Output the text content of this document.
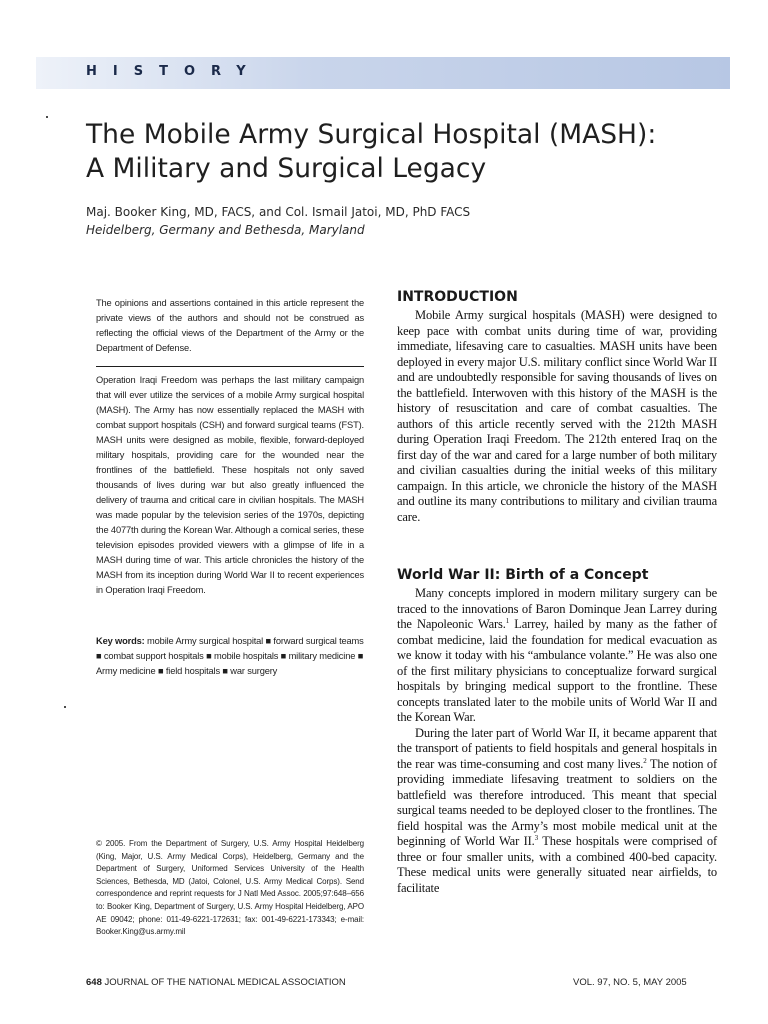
HISTORY
The Mobile Army Surgical Hospital (MASH):
A Military and Surgical Legacy
Maj. Booker King, MD, FACS, and Col. Ismail Jatoi, MD, PhD FACS
Heidelberg, Germany and Bethesda, Maryland
The opinions and assertions contained in this article represent the private views of the authors and should not be construed as reflecting the official views of the Department of the Army or the Department of Defense.
Operation Iraqi Freedom was perhaps the last military campaign that will ever utilize the services of a mobile Army surgical hospital (MASH). The Army has now essentially replaced the MASH with combat support hospitals (CSH) and forward surgical teams (FST). MASH units were designed as mobile, flexible, forward-deployed military hospitals, providing care for the wounded near the frontlines of the battlefield. These hospitals not only saved thousands of lives during war but also greatly influenced the delivery of trauma and critical care in civilian hospitals. The MASH was made popular by the television series of the 1970s, depicting the 4077th during the Korean War. Although a comical series, these television episodes provided viewers with a glimpse of life in a MASH during time of war. This article chronicles the history of the MASH from its inception during World War II to recent experiences in Operation Iraqi Freedom.
Key words: mobile Army surgical hospital ■ forward surgical teams ■ combat support hospitals ■ mobile hospitals ■ military medicine ■ Army medicine ■ field hospitals ■ war surgery
© 2005. From the Department of Surgery, U.S. Army Hospital Heidelberg (King, Major, U.S. Army Medical Corps), Heidelberg, Germany and the Department of Surgery, Uniformed Services University of the Health Sciences, Bethesda, MD (Jatoi, Colonel, U.S. Army Medical Corps). Send correspondence and reprint requests for J Natl Med Assoc. 2005;97:648–656 to: Booker King, Department of Surgery, U.S. Army Hospital Heidelberg, APO AE 09042; phone: 011-49-6221-172631; fax: 001-49-6221-173343; e-mail: Booker.King@us.army.mil
INTRODUCTION

Mobile Army surgical hospitals (MASH) were designed to keep pace with combat units during time of war, providing immediate, lifesaving care to casualties. MASH units have been deployed in every major U.S. military conflict since World War II and are undoubtedly responsible for saving thousands of lives on the battlefield. Interwoven with this history of the MASH is the history of resuscitation and care of combat casualties. The authors of this article recently served with the 212th MASH during Operation Iraqi Freedom. The 212th entered Iraq on the first day of the war and cared for a large number of both military and civilian casualties during the initial weeks of this military campaign. In this article, we chronicle the history of the MASH and outline its many contributions to military and civilian trauma care.

World War II: Birth of a Concept

Many concepts implored in modern military surgery can be traced to the innovations of Baron Dominque Jean Larrey during the Napoleonic Wars.$^1$ Larrey, hailed by many as the father of combat medicine, laid the foundation for medical evacuation as we know it today with his “ambulance volante.” He was also one of the first military physicians to conceptualize forward surgical hospitals by bringing medical support to the frontline. These concepts translated later to the mobile units of World War II and the Korean War.

During the later part of World War II, it became apparent that the transport of patients to field hospitals and general hospitals in the rear was time-consuming and cost many lives.$^2$ The notion of providing immediate lifesaving treatment to soldiers on the battlefield was therefore introduced. This meant that special surgical teams needed to be deployed closer to the frontlines. The field hospital was the Army’s most mobile medical unit at the beginning of World War II.$^3$ These hospitals were comprised of three or four smaller units, with a combined 400-bed capacity. These medical units were generally situated near airfields, to facilitate

648 JOURNAL OF THE NATIONAL MEDICAL ASSOCIATION	VOL. 97, NO. 5, MAY 2005
